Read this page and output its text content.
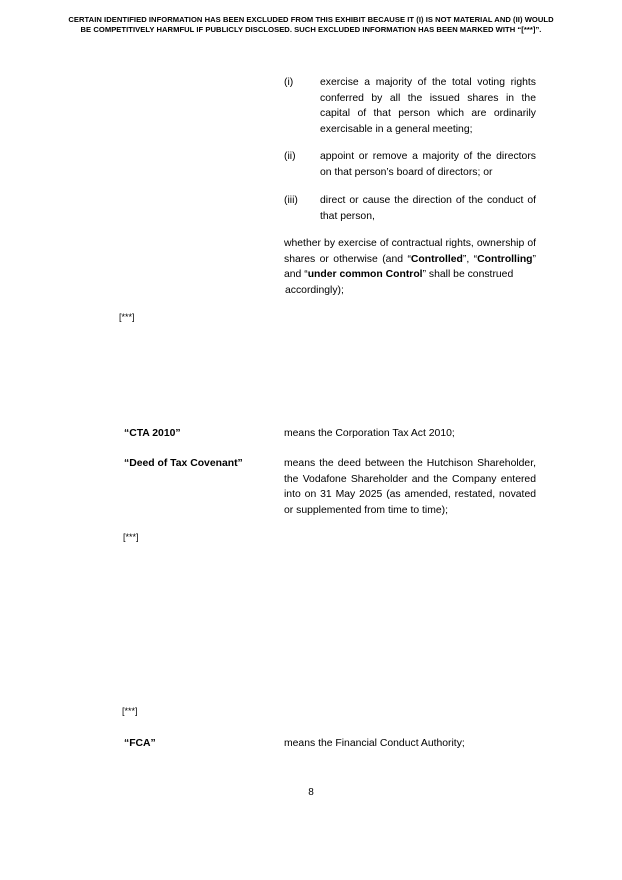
CERTAIN IDENTIFIED INFORMATION HAS BEEN EXCLUDED FROM THIS EXHIBIT BECAUSE IT (I) IS NOT MATERIAL AND (II) WOULD
BE COMPETITIVELY HARMFUL IF PUBLICLY DISCLOSED. SUCH EXCLUDED INFORMATION HAS BEEN MARKED WITH “[***]”.
(i)	exercise a majority of the total voting rights conferred by all the issued shares in the capital of that person which are ordinarily exercisable in a general meeting;
(ii) appoint or remove a majority of the directors on that person’s board of directors; or
(iii) direct or cause the direction of the conduct of that person,
whether by exercise of contractual rights, ownership of shares or otherwise (and “Controlled”, “Controlling” and “under common Control” shall be construed
accordingly);
[***]
“CTA 2010”	means the Corporation Tax Act 2010;
“Deed of Tax Covenant”	means the deed between the Hutchison Shareholder, the Vodafone Shareholder and the Company entered into on 31 May 2025 (as amended, restated, novated or supplemented from time to time);
[***]
[***]
“FCA”	means the Financial Conduct Authority;
8
